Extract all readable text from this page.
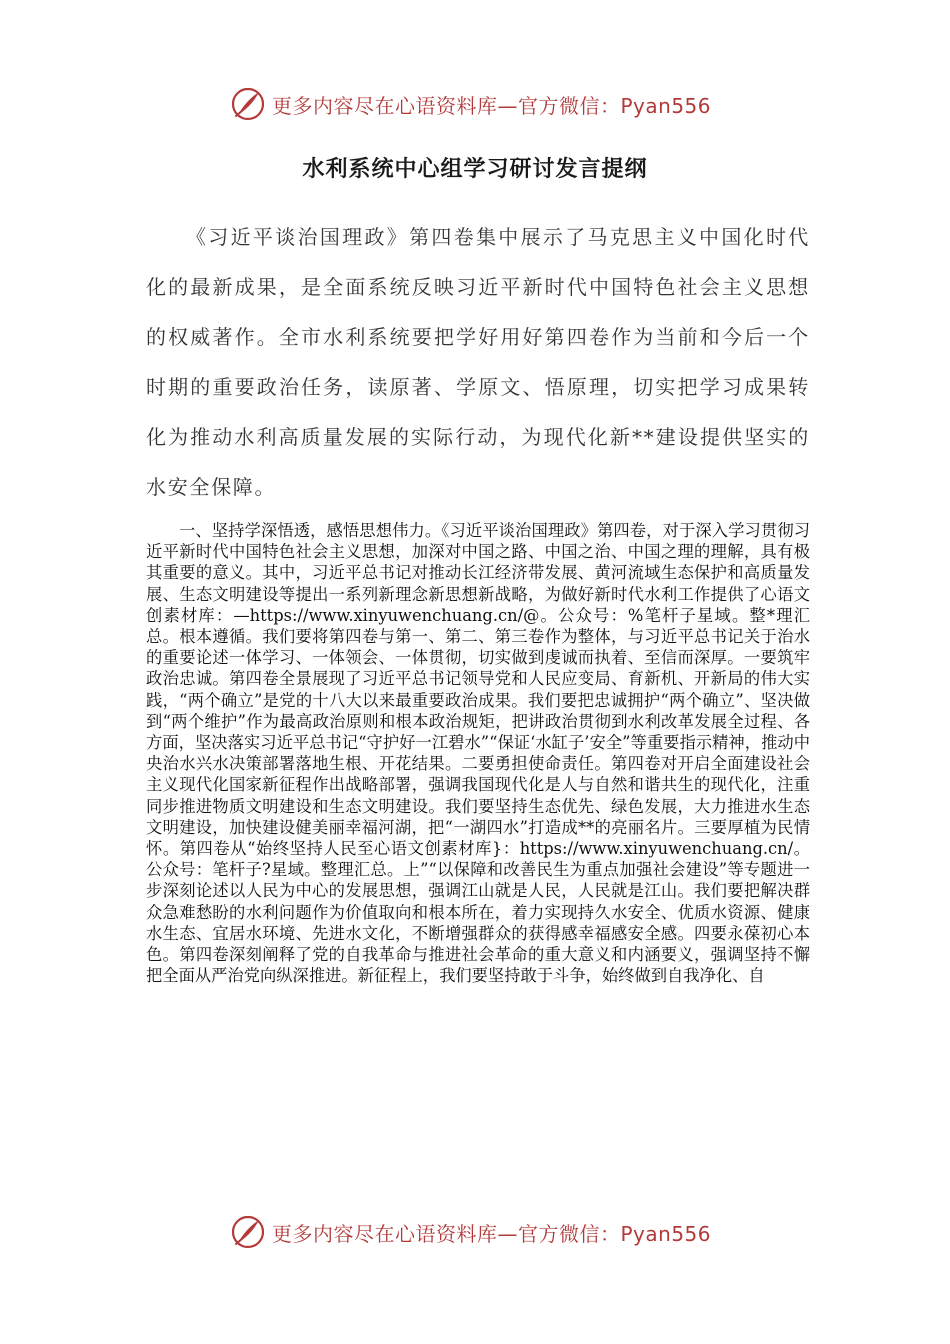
更多内容尽在心语资料库—官方微信：Pyan556
水利系统中心组学习研讨发言提纲

《习近平谈治国理政》第四卷集中展示了马克思主义中国化时代化的最新成果，是全面系统反映习近平新时代中国特色社会主义思想的权威著作。全市水利系统要把学好用好第四卷作为当前和今后一个时期的重要政治任务，读原著、学原文、悟原理，切实把学习成果转化为推动水利高质量发展的实际行动，为现代化新**建设提供坚实的水安全保障。

一、坚持学深悟透，感悟思想伟力。《习近平谈治国理政》第四卷，对于深入学习贯彻习近平新时代中国特色社会主义思想，加深对中国之路、中国之治、中国之理的理解，具有极其重要的意义。其中，习近平总书记对推动长江经济带发展、黄河流域生态保护和高质量发展、生态文明建设等提出一系列新理念新思想新战略，为做好新时代水利工作提供了心语文创素材库：—https://www.xinyuwenchuang.cn/@。公众号：%笔杆子星域。整*理汇总。根本遵循。我们要将第四卷与第一、第二、第三卷作为整体，与习近平总书记关于治水的重要论述一体学习、一体领会、一体贯彻，切实做到虔诚而执着、至信而深厚。一要筑牢政治忠诚。第四卷全景展现了习近平总书记领导党和人民应变局、育新机、开新局的伟大实践，“两个确立”是党的十八大以来最重要政治成果。我们要把忠诚拥护“两个确立”、坚决做到“两个维护”作为最高政治原则和根本政治规矩，把讲政治贯彻到水利改革发展全过程、各方面，坚决落实习近平总书记“守护好一江碧水”“保证‘水缸子’安全”等重要指示精神，推动中央治水兴水决策部署落地生根、开花结果。二要勇担使命责任。第四卷对开启全面建设社会主义现代化国家新征程作出战略部署，强调我国现代化是人与自然和谐共生的现代化，注重同步推进物质文明建设和生态文明建设。我们要坚持生态优先、绿色发展，大力推进水生态文明建设，加快建设健美丽幸福河湖，把“一湖四水”打造成**的亮丽名片。三要厚植为民情怀。第四卷从“始终坚持人民至心语文创素材库}：https://www.xinyuwenchuang.cn/。公众号：笔杆子?星域。整理汇总。上”“以保障和改善民生为重点加强社会建设”等专题进一步深刻论述以人民为中心的发展思想，强调江山就是人民，人民就是江山。我们要把解决群众急难愁盼的水利问题作为价值取向和根本所在，着力实现持久水安全、优质水资源、健康水生态、宜居水环境、先进水文化，不断增强群众的获得感幸福感安全感。四要永葆初心本色。第四卷深刻阐释了党的自我革命与推进社会革命的重大意义和内涵要义，强调坚持不懈把全面从严治党向纵深推进。新征程上，我们要坚持敢于斗争，始终做到自我净化、自

更多内容尽在心语资料库—官方微信：Pyan556
